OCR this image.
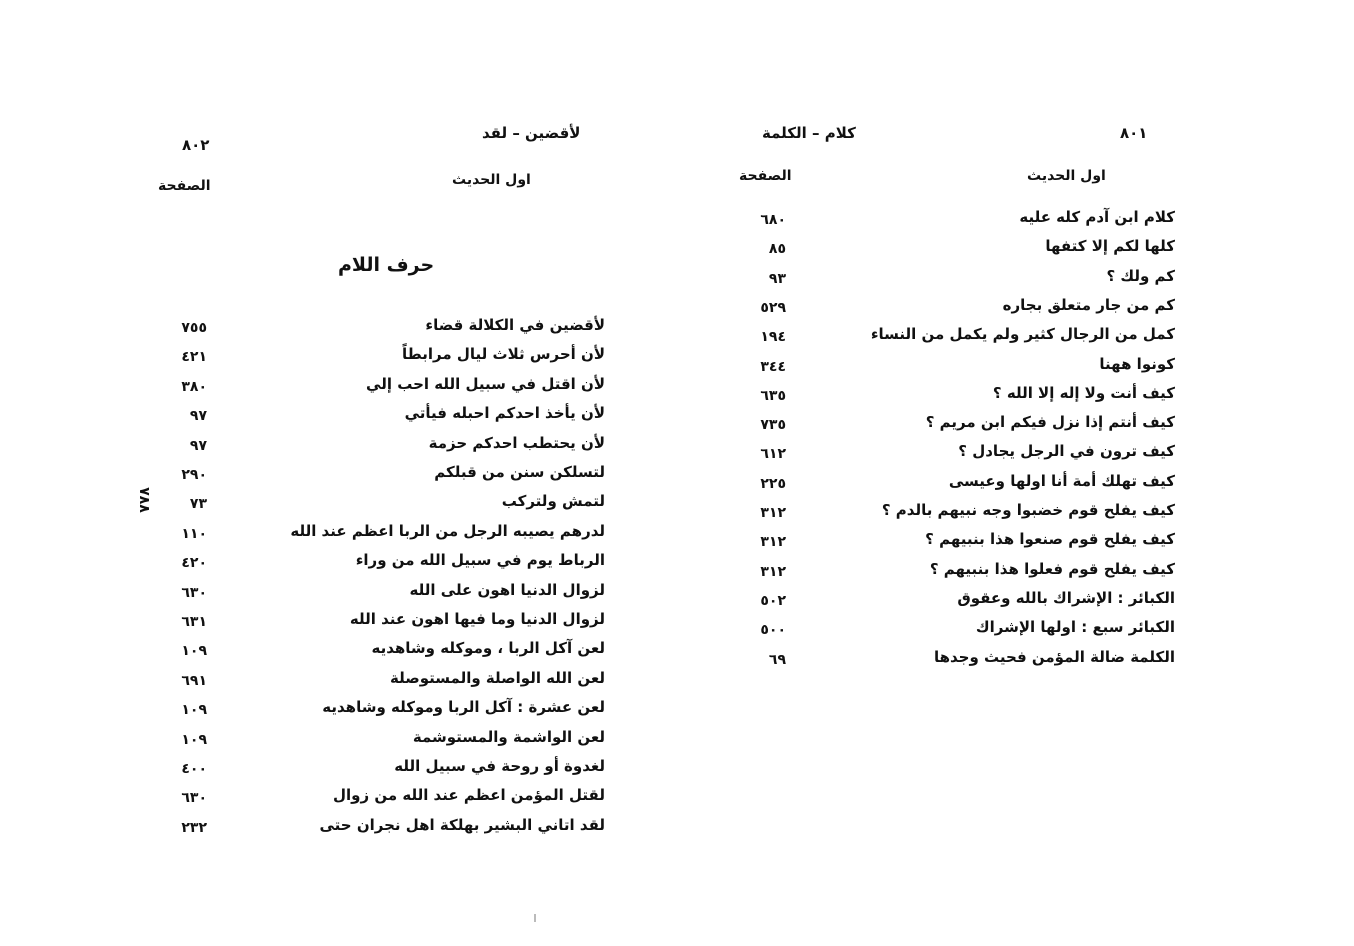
٨٠٢
لأقضين – لقد
اول الحديث
الصفحة
حرف اللام
٧٧٨
لأقضين في الكلالة قضاء
٧٥٥
لأن أحرس ثلاث ليال مرابطاً
٤٢١
لأن اقتل في سبيل الله احب إلي
٣٨٠
لأن يأخذ احدكم احبله فيأتي
٩٧
لأن يحتطب احدكم حزمة
٩٧
لتسلكن سنن من قبلكم
٢٩٠
لتمش ولتركب
٧٣
لدرهم يصيبه الرجل من الربا اعظم عند الله
١١٠
الرباط يوم في سبيل الله من وراء
٤٢٠
لزوال الدنيا اهون على الله
٦٣٠
لزوال الدنيا وما فيها اهون عند الله
٦٣١
لعن آكل الربا ، وموكله وشاهديه
١٠٩
لعن الله الواصلة والمستوصلة
٦٩١
لعن عشرة : آكل الربا وموكله وشاهديه
١٠٩
لعن الواشمة والمستوشمة
١٠٩
لغدوة أو روحة في سبيل الله
٤٠٠
لقتل المؤمن اعظم عند الله من زوال
٦٣٠
لقد اتاني البشير بهلكة اهل نجران حتى
٢٣٢
٨٠١
كلام – الكلمة
اول الحديث
الصفحة
كلام ابن آدم كله عليه
٦٨٠
كلها لكم إلا كتفها
٨٥
كم ولك ؟
٩٣
كم من جار متعلق بجاره
٥٢٩
كمل من الرجال كثير ولم يكمل من النساء
١٩٤
كونوا ههنا
٣٤٤
كيف أنت ولا إله إلا الله ؟
٦٣٥
كيف أنتم إذا نزل فيكم ابن مريم ؟
٧٣٥
كيف ترون في الرجل يجادل ؟
٦١٢
كيف تهلك أمة أنا اولها وعيسى
٢٢٥
كيف يفلح قوم خضبوا وجه نبيهم بالدم ؟
٣١٢
كيف يفلح قوم صنعوا هذا بنبيهم ؟
٣١٢
كيف يفلح قوم فعلوا هذا بنبيهم ؟
٣١٢
الكبائر : الإشراك بالله وعقوق
٥٠٢
الكبائر سبع : اولها الإشراك
٥٠٠
الكلمة ضالة المؤمن فحيث وجدها
٦٩
